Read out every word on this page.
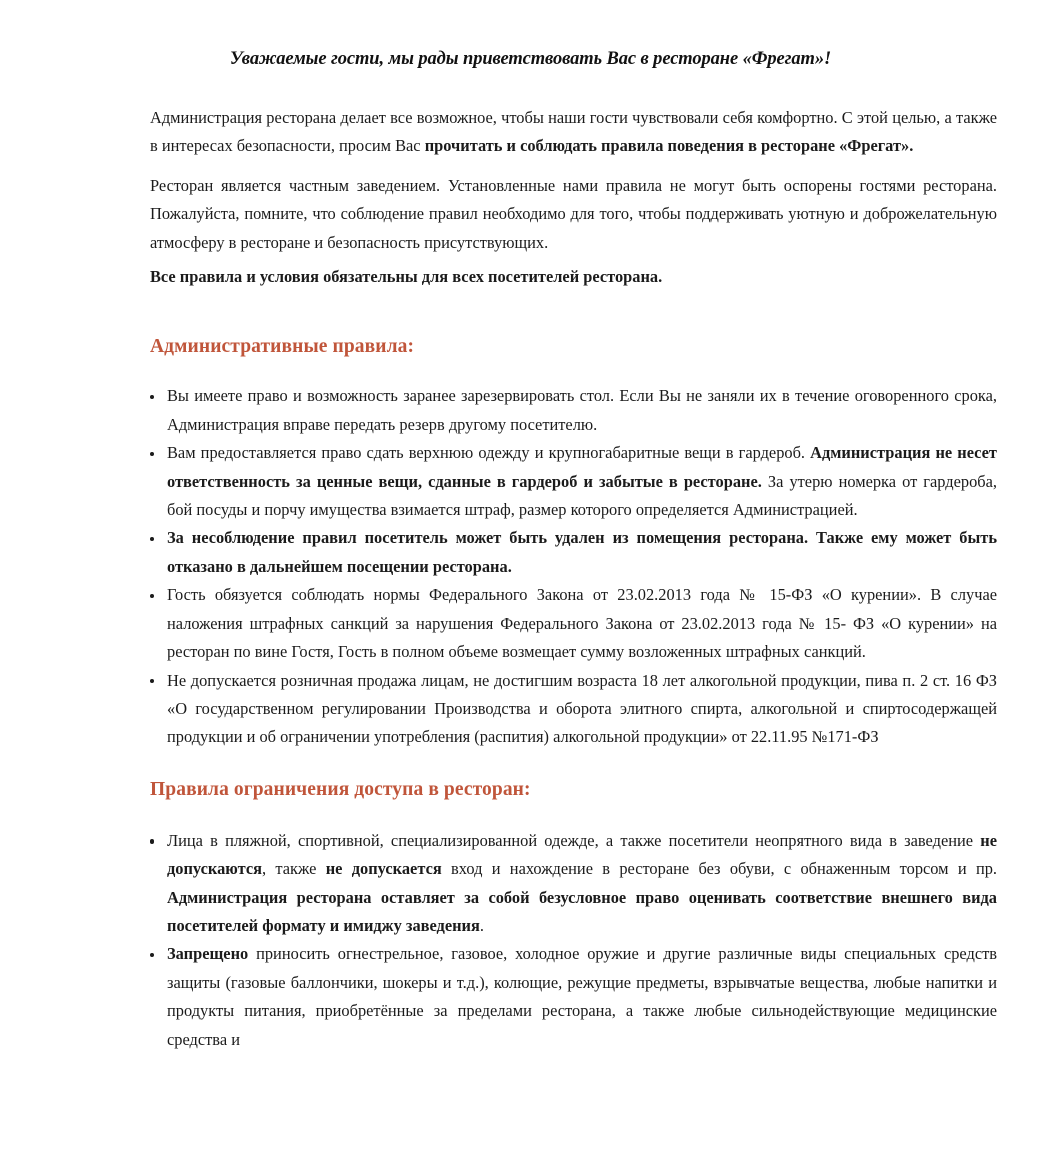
Уважаемые гости, мы рады приветствовать Вас в ресторане «Фрегат»!

Администрация ресторана делает все возможное, чтобы наши гости чувствовали себя комфортно. С этой целью, а также в интересах безопасности, просим Вас прочитать и соблюдать правила поведения в ресторане «Фрегат».

Ресторан является частным заведением. Установленные нами правила не могут быть оспорены гостями ресторана. Пожалуйста, помните, что соблюдение правил необходимо для того, чтобы поддерживать уютную и доброжелательную атмосферу в ресторане и безопасность присутствующих.

Все правила и условия обязательны для всех посетителей ресторана.

Административные правила:
Вы имеете право и возможность заранее зарезервировать стол. Если Вы не заняли их в течение оговоренного срока, Администрация вправе передать резерв другому посетителю.
Вам предоставляется право сдать верхнюю одежду и крупногабаритные вещи в гардероб. Администрация не несет ответственность за ценные вещи, сданные в гардероб и забытые в ресторане. За утерю номерка от гардероба, бой посуды и порчу имущества взимается штраф, размер которого определяется Администрацией.
За несоблюдение правил посетитель может быть удален из помещения ресторана. Также ему может быть отказано в дальнейшем посещении ресторана.
Гость обязуется соблюдать нормы Федерального Закона от 23.02.2013 года № 15-ФЗ «О курении». В случае наложения штрафных санкций за нарушения Федерального Закона от 23.02.2013 года № 15- ФЗ «О курении» на ресторан по вине Гостя, Гость в полном объеме возмещает сумму возложенных штрафных санкций.
Не допускается розничная продажа лицам, не достигшим возраста 18 лет алкогольной продукции, пива п. 2 ст. 16 ФЗ «О государственном регулировании Производства и оборота элитного спирта, алкогольной и спиртосодержащей продукции и об ограничении употребления (распития) алкогольной продукции» от 22.11.95 №171-ФЗ
Правила ограничения доступа в ресторан:
Лица в пляжной, спортивной, специализированной одежде, а также посетители неопрятного вида в заведение не допускаются, также не допускается вход и нахождение в ресторане без обуви, с обнаженным торсом и пр. Администрация ресторана оставляет за собой безусловное право оценивать соответствие внешнего вида посетителей форматy и имиджу заведения.
Запрещено приносить огнестрельное, газовое, холодное оружие и другие различные виды специальных средств защиты (газовые баллончики, шокеры и т.д.), колющие, режущие предметы, взрывчатые вещества, любые напитки и продукты питания, приобретённые за пределами ресторана, а также любые сильнодействующие медицинские средства и
